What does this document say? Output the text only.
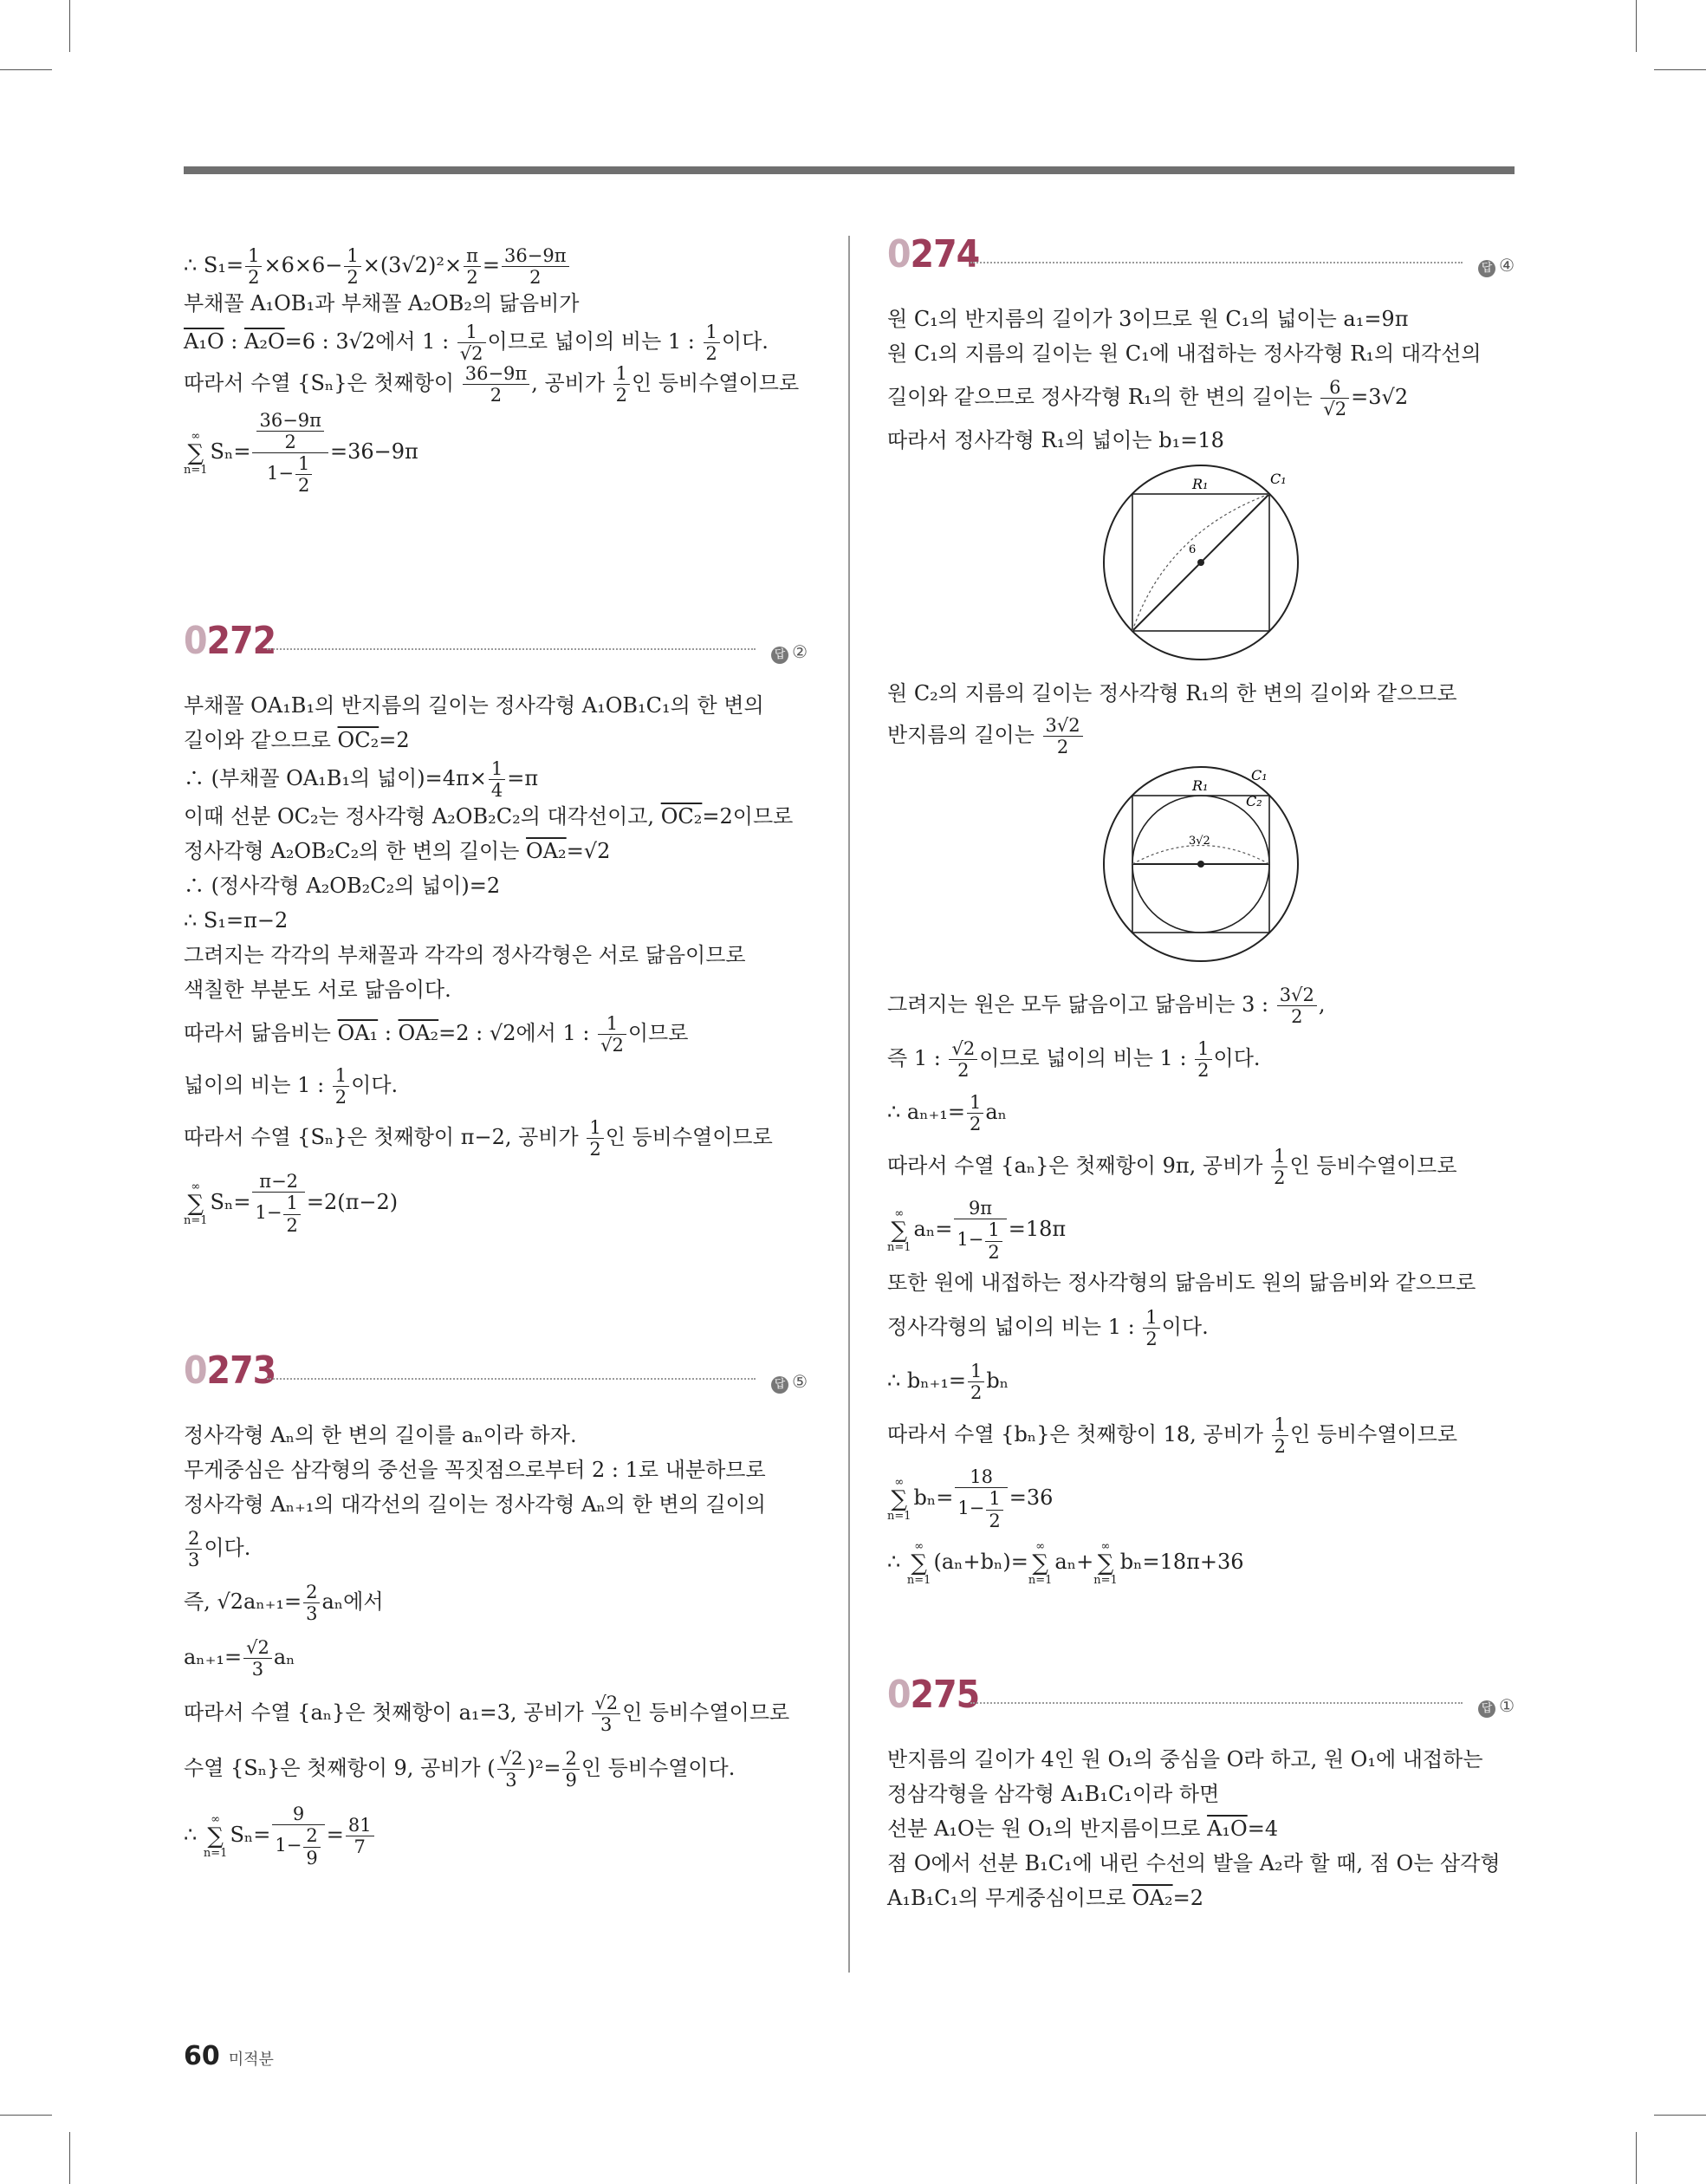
∴ $S_1= \frac{1}{2} \times 6\times 6- \frac{1}{2} \times(3√2)^2\times \frac{\pi}{2} = \frac{36-9\pi}{2}$
부채꼴 A₁OB₁과 부채꼴 A₂OB₂의 닮음비가
A₁O : A₂O=6 : 3√2에서 1 : $\frac{1}{√2}$ 이므로 넓이의 비는 1 : $\frac{1}{2}$ 이다.
따라서 수열 {Sₙ}은 첫째항이 $\frac{36-9\pi}{2}$ , 공비가 $\frac{1}{2}$ 인 등비수열이므로
∞
∑
$n=1S_n= \frac{\frac{36-9\pi}{2}}{1- \frac{1}{2}} =36-9\pi$
0272	답 ②
부채꼴 OA₁B₁의 반지름의 길이는 정사각형 A₁OB₁C₁의 한 변의
길이와 같으므로 OC₂=2
∴ (부채꼴 OA₁B₁의 넓이)$=4\pi\times \frac{1}{4} =\pi$
이때 선분 OC₂는 정사각형 A₂OB₂C₂의 대각선이고, OC₂=2이므로
정사각형 A₂OB₂C₂의 한 변의 길이는 OA₂=√2
∴ (정사각형 A₂OB₂C₂의 넓이)=2
∴ S₁=π−2
그려지는 각각의 부채꼴과 각각의 정사각형은 서로 닮음이므로
색칠한 부분도 서로 닮음이다.
따라서 닮음비는 OA₁ : OA₂=2 : √2에서 1 : $\frac{1}{√2}$ 이므로
넓이의 비는 1 : $\frac{1}{2}$ 이다.
따라서 수열 {Sₙ}은 첫째항이 π−2, 공비가 $\frac{1}{2}$ 인 등비수열이므로
∞
∑
$n=1S_n= \frac{\pi-2}{1- \frac{1}{2}} =2(\pi-2)$
0273	답 ⑤
정사각형 Aₙ의 한 변의 길이를 aₙ이라 하자.
무게중심은 삼각형의 중선을 꼭짓점으로부터 2 : 1로 내분하므로
정사각형 Aₙ₊₁의 대각선의 길이는 정사각형 Aₙ의 한 변의 길이의
$\frac{2}{3}$ 이다.
즉, $√2a_{n+1}= \frac{2}{3}$ aₙ에서
$a_{n+1}= \frac{√2}{3}$ aₙ
따라서 수열 {aₙ}은 첫째항이 a₁=3, 공비가 $\frac{√2}{3}$ 인 등비수열이므로
수열 {Sₙ}은 첫째항이 9, 공비가 ( $\frac{√2}{3} )^2= \frac{2}{9}$ 인 등비수열이다.
∴ ∞
∑
$n=1S_n= \frac{9}{1- \frac{2}{9}} = \frac{81}{7}$
0274	답 ④
원 C₁의 반지름의 길이가 3이므로 원 C₁의 넓이는 a₁=9π
원 C₁의 지름의 길이는 원 C₁에 내접하는 정사각형 R₁의 대각선의
길이와 같으므로 정사각형 R₁의 한 변의 길이는 $\frac{6}{√2} =3√2$
따라서 정사각형 R₁의 넓이는 b₁=18
6
R₁	C₁
원 C₂의 지름의 길이는 정사각형 R₁의 한 변의 길이와 같으므로
반지름의 길이는 $\frac{3√2}{2}$
3√2
R₁
C₁
C₂
그려지는 원은 모두 닮음이고 닮음비는 3 : $\frac{3√2}{2}$ ,
즉 1 : $\frac{√2}{2}$ 이므로 넓이의 비는 1 : $\frac{1}{2}$ 이다.
∴ $a_{n+1}= \frac{1}{2}$ aₙ
따라서 수열 {aₙ}은 첫째항이 9π, 공비가 $\frac{1}{2}$ 인 등비수열이므로
∞
∑
$n=1a_n= \frac{9\pi}{1- \frac{1}{2}} =18\pi$
또한 원에 내접하는 정사각형의 닮음비도 원의 닮음비와 같으므로
정사각형의 넓이의 비는 1 : $\frac{1}{2}$ 이다.
∴ $b_{n+1}= \frac{1}{2}$ bₙ
따라서 수열 {bₙ}은 첫째항이 18, 공비가 $\frac{1}{2}$ 인 등비수열이므로
∞
∑
$n=1b_n= \frac{18}{1- \frac{1}{2}} =36$
∴ ∞
∑
n=1(aₙ+bₙ)=∞
∑
n=1aₙ+∞
∑
n=1bₙ=18π+36
0275	답 ①
반지름의 길이가 4인 원 O₁의 중심을 O라 하고, 원 O₁에 내접하는
정삼각형을 삼각형 A₁B₁C₁이라 하면
선분 A₁O는 원 O₁의 반지름이므로 A₁O=4
점 O에서 선분 B₁C₁에 내린 수선의 발을 A₂라 할 때, 점 O는 삼각형
A₁B₁C₁의 무게중심이므로 OA₂=2
60 미적분
